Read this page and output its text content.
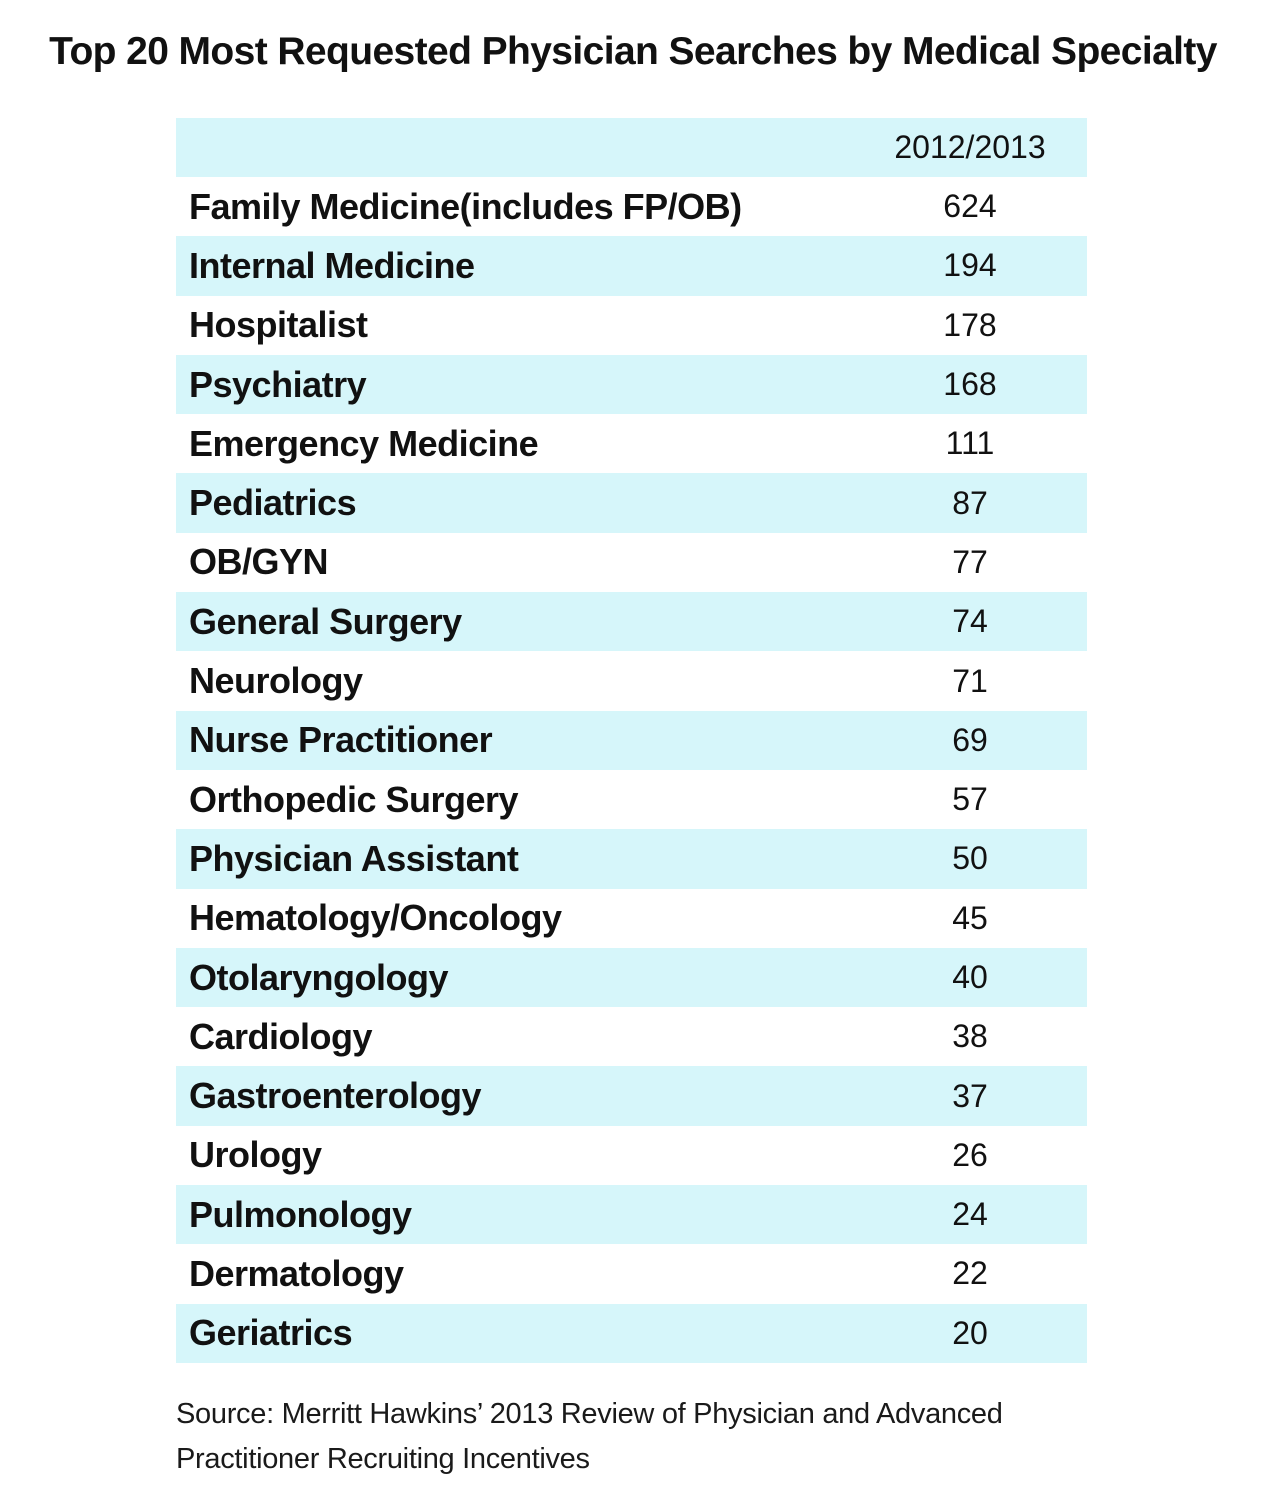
Top 20 Most Requested Physician Searches by Medical Specialty
2012/2013
Family Medicine(includes FP/OB)	624
Internal Medicine	194
Hospitalist	178
Psychiatry	168
Emergency Medicine	111
Pediatrics	87
OB/GYN	77
General Surgery	74
Neurology	71
Nurse Practitioner	69
Orthopedic Surgery	57
Physician Assistant	50
Hematology/Oncology	45
Otolaryngology	40
Cardiology	38
Gastroenterology	37
Urology	26
Pulmonology	24
Dermatology	22
Geriatrics	20
Source: Merritt Hawkins’ 2013 Review of Physician and Advanced
Practitioner Recruiting Incentives
